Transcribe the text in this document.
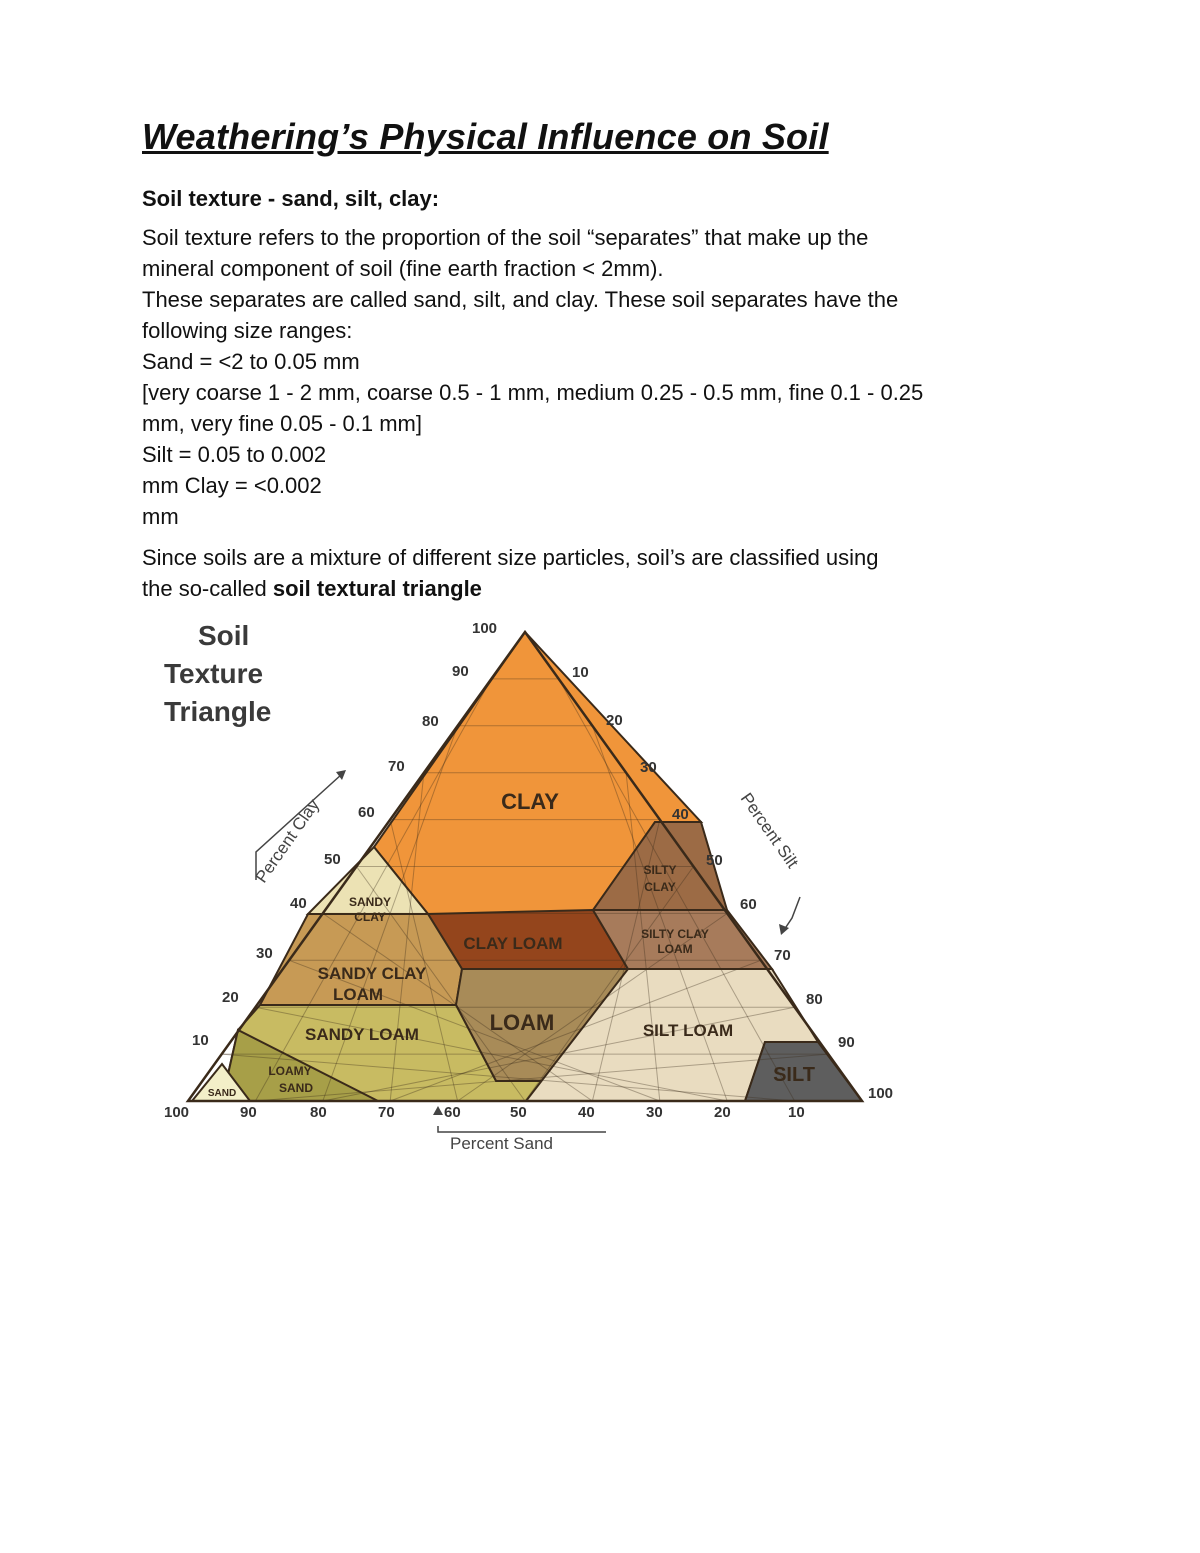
Weathering’s Physical Influence on Soil
Soil texture - sand, silt, clay:

Soil texture refers to the proportion of the soil “separates” that make up the

mineral component of soil (fine earth fraction < 2mm).

These separates are called sand, silt, and clay. These soil separates have the

following size ranges:

Sand = <2 to 0.05 mm

[very coarse 1 - 2 mm, coarse 0.5 - 1 mm, medium 0.25 - 0.5 mm, fine 0.1 - 0.25

mm, very fine 0.05 - 0.1 mm]

Silt = 0.05 to 0.002

mm Clay = <0.002

mm

Since soils are a mixture of different size particles, soil’s are classified using

the so-called soil textural triangle

Soil
Texture
Triangle
CLAY
SILTY
CLAY
SANDY
CLAY
CLAY LOAM	SILTY CLAY
LOAM
SANDY CLAY
LOAM
LOAM
SANDY LOAM	SILT LOAM
SILT
LOAMY
SAND
SAND
10
20
30
40
50
60
70
80
90
100
10
20
30
40
50
60
70
80
90
100
100	90	80	70	60	50	40	30	20	10
Percent Clay	Percent Silt
Percent Sand
